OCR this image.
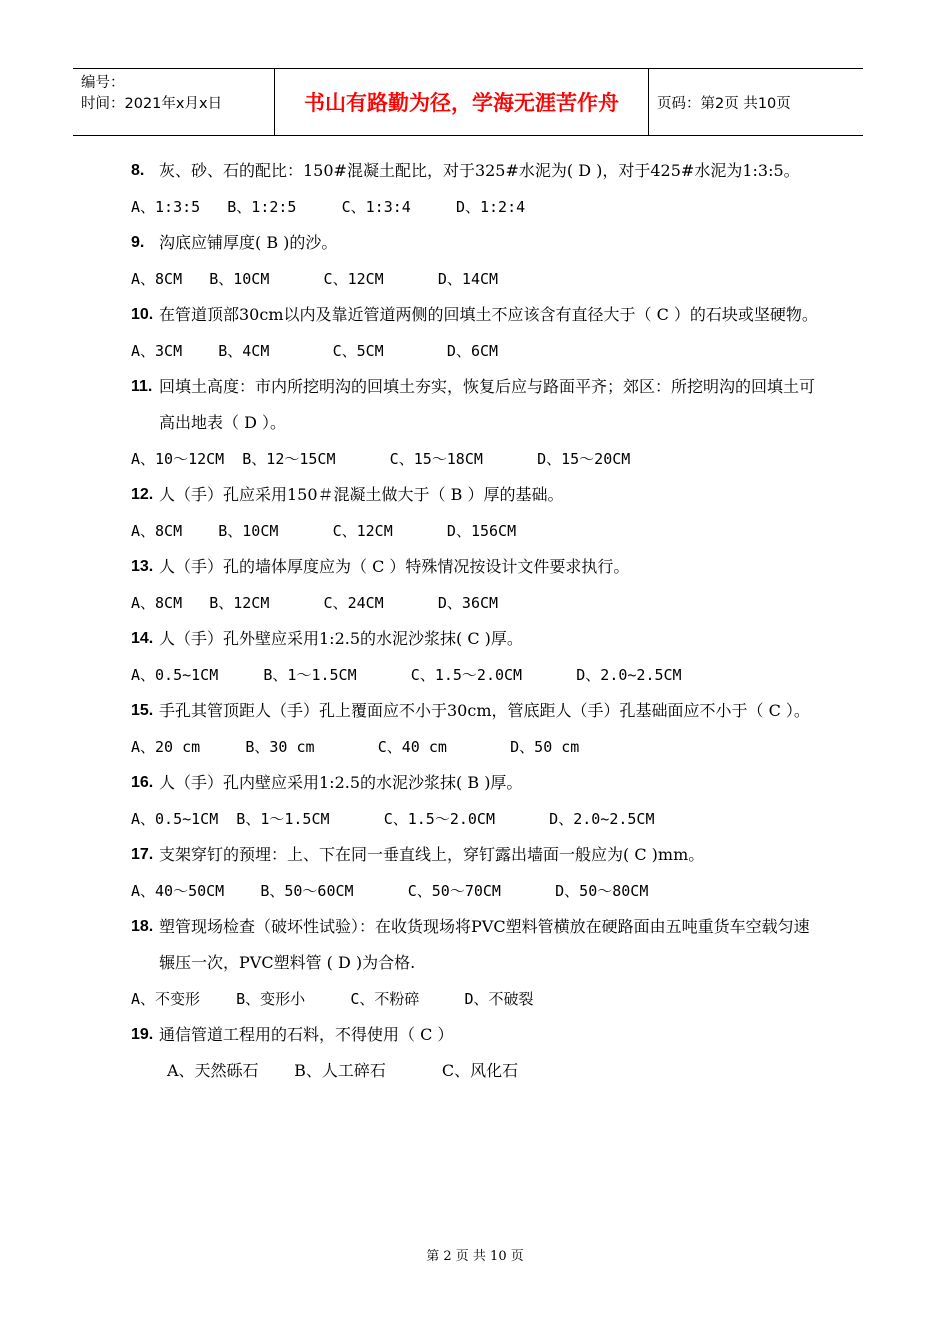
编号：
时间：2021年x月x日	书山有路勤为径，学海无涯苦作舟	页码：第2页 共10页
8. 灰、砂、石的配比：150#混凝土配比，对于325#水泥为( D )，对于425#水泥为1:3:5。
A、1:3:5   B、1:2:5     C、1:3:4     D、1:2:4
9. 沟底应铺厚度( B )的沙。
A、8CM   B、10CM      C、12CM      D、14CM
10. 在管道顶部30cm以内及靠近管道两侧的回填土不应该含有直径大于（ C ）的石块或坚硬物。
A、3CM    B、4CM       C、5CM       D、6CM
11. 回填土高度：市内所挖明沟的回填土夯实，恢复后应与路面平齐；郊区：所挖明沟的回填土可高出地表（ D ）。
A、10～12CM  B、12～15CM      C、15～18CM      D、15～20CM
12. 人（手）孔应采用150＃混凝土做大于（ B ）厚的基础。
A、8CM    B、10CM      C、12CM      D、156CM
13. 人（手）孔的墙体厚度应为（ C ）特殊情况按设计文件要求执行。
A、8CM   B、12CM      C、24CM      D、36CM
14. 人（手）孔外壁应采用1:2.5的水泥沙浆抹( C )厚。
A、0.5~1CM     B、1～1.5CM      C、1.5～2.0CM      D、2.0~2.5CM
15. 手孔其管顶距人（手）孔上覆面应不小于30cm，管底距人（手）孔基础面应不小于（ C ）。
A、20 cm     B、30 cm       C、40 cm       D、50 cm
16. 人（手）孔内壁应采用1:2.5的水泥沙浆抹( B )厚。
A、0.5~1CM  B、1～1.5CM      C、1.5～2.0CM      D、2.0~2.5CM
17. 支架穿钉的预埋：上、下在同一垂直线上，穿钉露出墙面一般应为( C )mm。
A、40～50CM    B、50～60CM      C、50～70CM      D、50～80CM
18. 塑管现场检查（破坏性试验）：在收货现场将PVC塑料管横放在硬路面由五吨重货车空载匀速辗压一次，PVC塑料管 ( D )为合格.
A、不变形    B、变形小     C、不粉碎     D、不破裂
19. 通信管道工程用的石料，不得使用（ C ）
A、天然砾石       B、人工碎石           C、风化石
第 2 页 共 10 页
